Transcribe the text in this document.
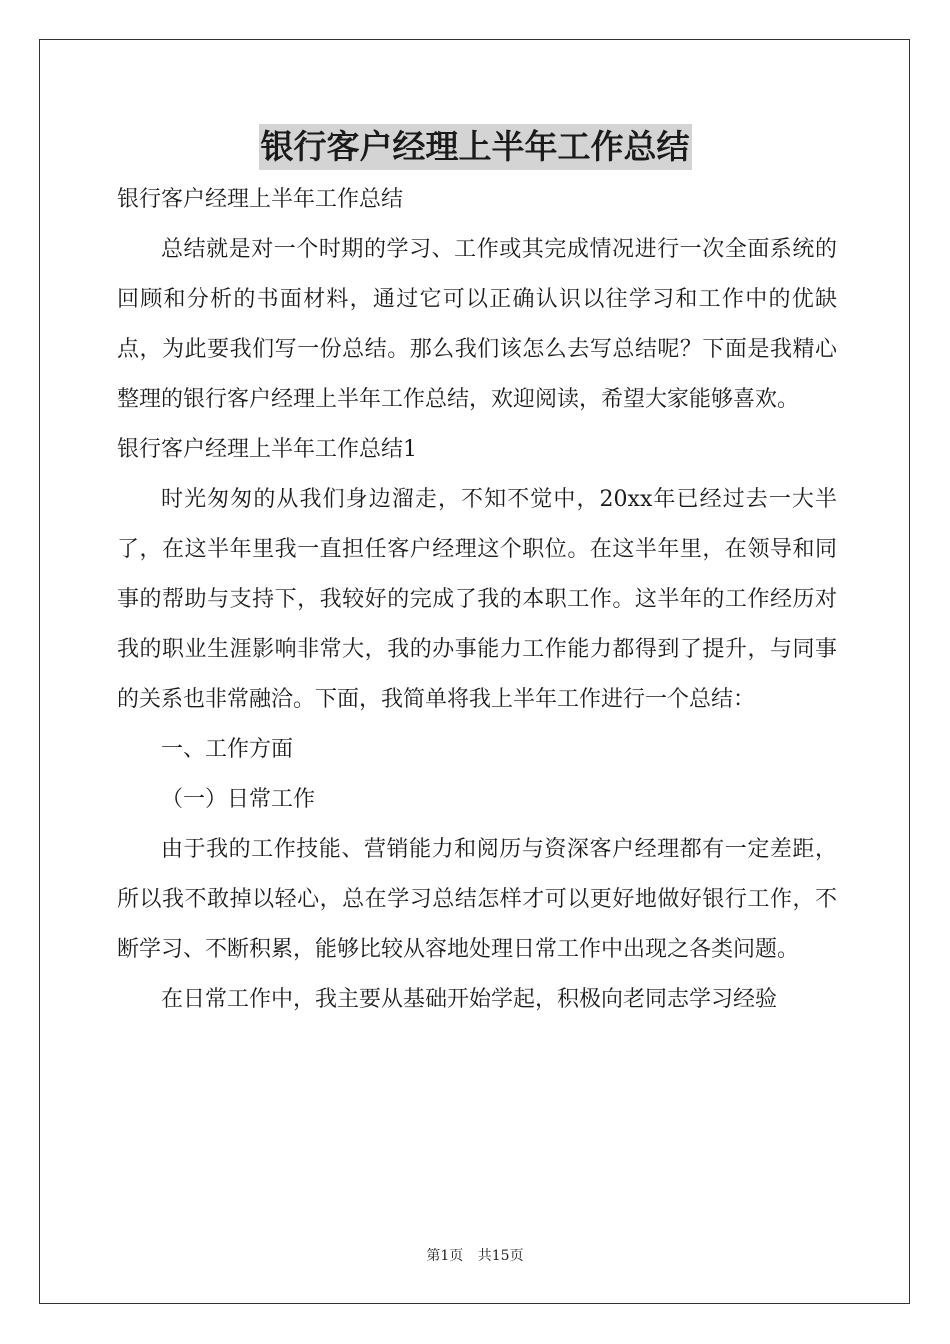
银行客户经理上半年工作总结

银行客户经理上半年工作总结

总结就是对一个时期的学习、工作或其完成情况进行一次全面系统的回顾和分析的书面材料，通过它可以正确认识以往学习和工作中的优缺点，为此要我们写一份总结。那么我们该怎么去写总结呢？下面是我精心整理的银行客户经理上半年工作总结，欢迎阅读，希望大家能够喜欢。

银行客户经理上半年工作总结1

时光匆匆的从我们身边溜走，不知不觉中，20xx年已经过去一大半了，在这半年里我一直担任客户经理这个职位。在这半年里，在领导和同事的帮助与支持下，我较好的完成了我的本职工作。这半年的工作经历对我的职业生涯影响非常大，我的办事能力工作能力都得到了提升，与同事的关系也非常融洽。下面，我简单将我上半年工作进行一个总结：

一、工作方面

（一）日常工作

由于我的工作技能、营销能力和阅历与资深客户经理都有一定差距，所以我不敢掉以轻心，总在学习总结怎样才可以更好地做好银行工作，不断学习、不断积累，能够比较从容地处理日常工作中出现之各类问题。

在日常工作中，我主要从基础开始学起，积极向老同志学习经验

第1页 共15页
